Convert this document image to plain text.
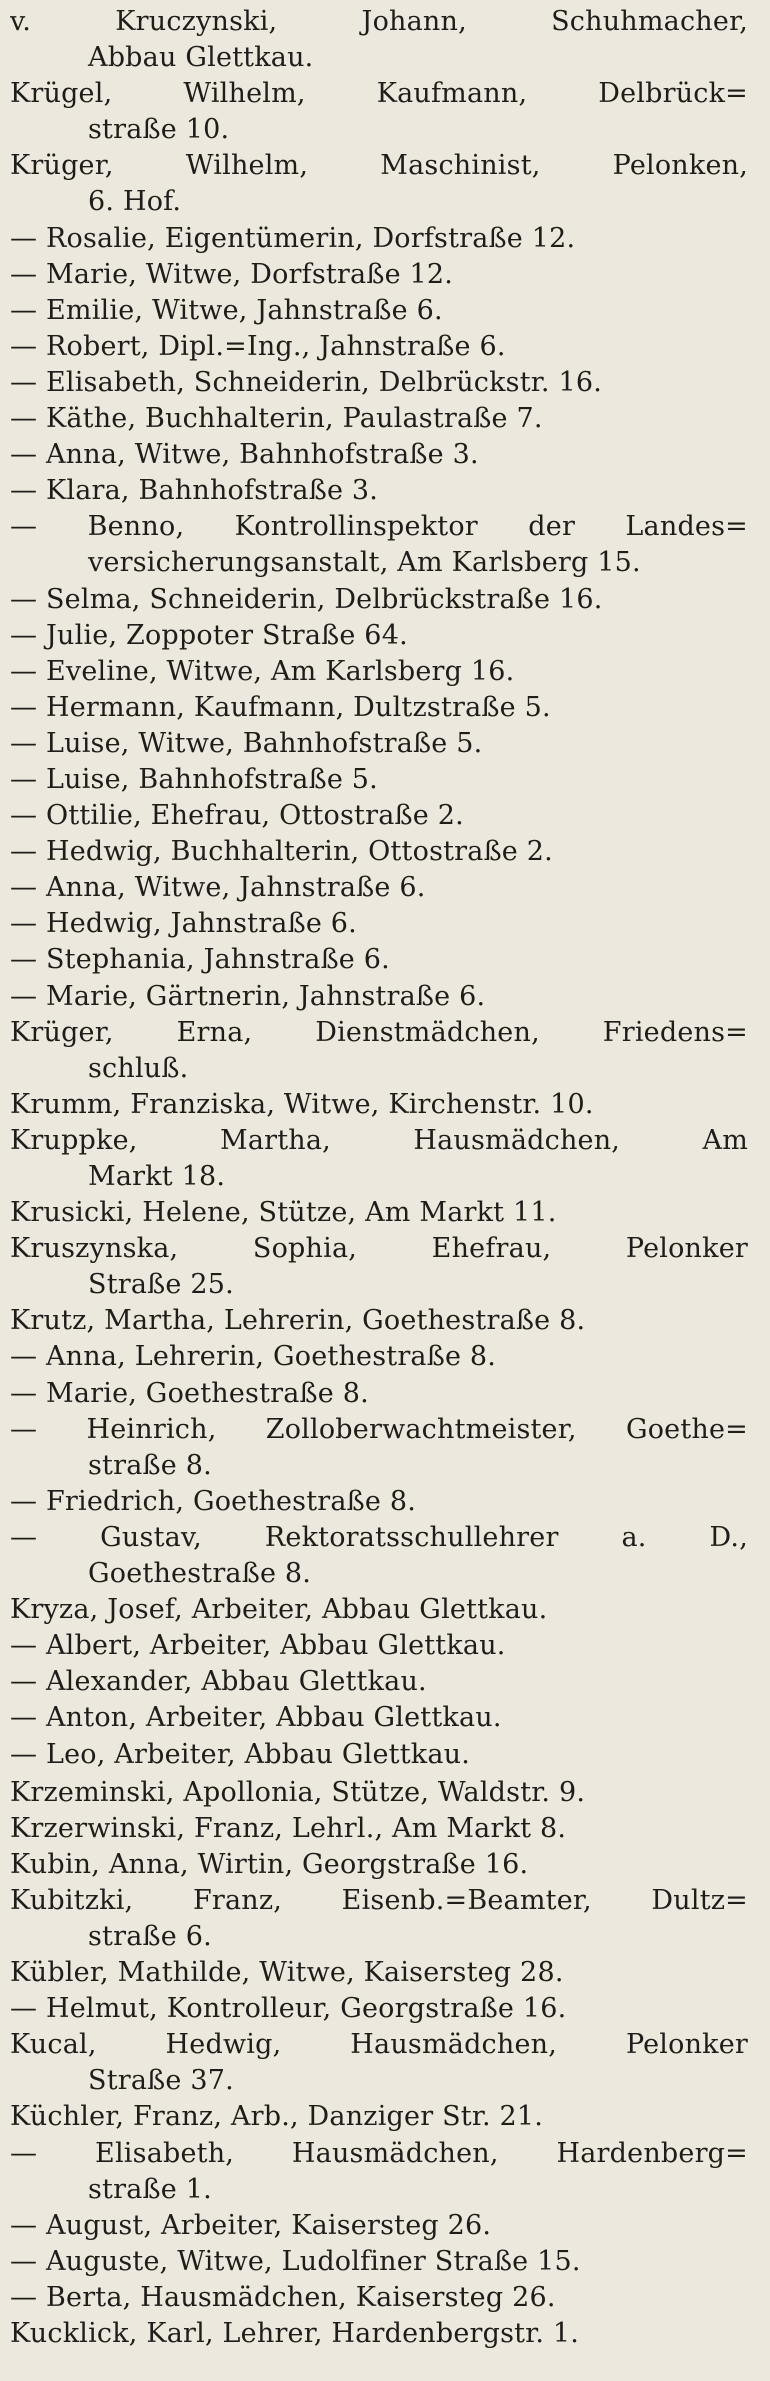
v. Kruczynski, Johann, Schuhmacher,
Abbau Glettkau.
Krügel, Wilhelm, Kaufmann, Delbrück=
straße 10.
Krüger, Wilhelm, Maschinist, Pelonken,
6. Hof.
— Rosalie, Eigentümerin, Dorfstraße 12.
— Marie, Witwe, Dorfstraße 12.
— Emilie, Witwe, Jahnstraße 6.
— Robert, Dipl.=Ing., Jahnstraße 6.
— Elisabeth, Schneiderin, Delbrückstr. 16.
— Käthe, Buchhalterin, Paulastraße 7.
— Anna, Witwe, Bahnhofstraße 3.
— Klara, Bahnhofstraße 3.
— Benno, Kontrollinspektor der Landes=
versicherungsanstalt, Am Karlsberg 15.
— Selma, Schneiderin, Delbrückstraße 16.
— Julie, Zoppoter Straße 64.
— Eveline, Witwe, Am Karlsberg 16.
— Hermann, Kaufmann, Dultzstraße 5.
— Luise, Witwe, Bahnhofstraße 5.
— Luise, Bahnhofstraße 5.
— Ottilie, Ehefrau, Ottostraße 2.
— Hedwig, Buchhalterin, Ottostraße 2.
— Anna, Witwe, Jahnstraße 6.
— Hedwig, Jahnstraße 6.
— Stephania, Jahnstraße 6.
— Marie, Gärtnerin, Jahnstraße 6.
Krüger, Erna, Dienstmädchen, Friedens=
schluß.
Krumm, Franziska, Witwe, Kirchenstr. 10.
Kruppke, Martha, Hausmädchen, Am
Markt 18.
Krusicki, Helene, Stütze, Am Markt 11.
Kruszynska, Sophia, Ehefrau, Pelonker
Straße 25.
Krutz, Martha, Lehrerin, Goethestraße 8.
— Anna, Lehrerin, Goethestraße 8.
— Marie, Goethestraße 8.
— Heinrich, Zolloberwachtmeister, Goethe=
straße 8.
— Friedrich, Goethestraße 8.
— Gustav, Rektoratsschullehrer a. D.,
Goethestraße 8.
Kryza, Josef, Arbeiter, Abbau Glettkau.
— Albert, Arbeiter, Abbau Glettkau.
— Alexander, Abbau Glettkau.
— Anton, Arbeiter, Abbau Glettkau.
— Leo, Arbeiter, Abbau Glettkau.
Krzeminski, Apollonia, Stütze, Waldstr. 9.
Krzerwinski, Franz, Lehrl., Am Markt 8.
Kubin, Anna, Wirtin, Georgstraße 16.
Kubitzki, Franz, Eisenb.=Beamter, Dultz=
straße 6.
Kübler, Mathilde, Witwe, Kaisersteg 28.
— Helmut, Kontrolleur, Georgstraße 16.
Kucal, Hedwig, Hausmädchen, Pelonker
Straße 37.
Küchler, Franz, Arb., Danziger Str. 21.
— Elisabeth, Hausmädchen, Hardenberg=
straße 1.
— August, Arbeiter, Kaisersteg 26.
— Auguste, Witwe, Ludolfiner Straße 15.
— Berta, Hausmädchen, Kaisersteg 26.
Kucklick, Karl, Lehrer, Hardenbergstr. 1.
